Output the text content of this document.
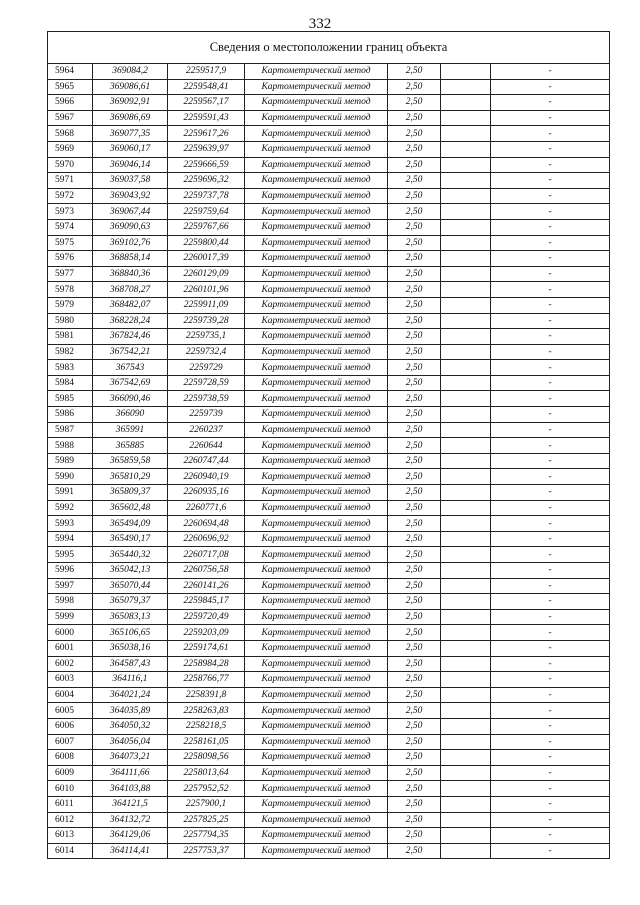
332
Сведения о местоположении границ объекта						
5964	369084,2	2259517,9	Картометрический метод	2,50		-
5965	369086,61	2259548,41	Картометрический метод	2,50		-
5966	369092,91	2259567,17	Картометрический метод	2,50		-
5967	369086,69	2259591,43	Картометрический метод	2,50		-
5968	369077,35	2259617,26	Картометрический метод	2,50		-
5969	369060,17	2259639,97	Картометрический метод	2,50		-
5970	369046,14	2259666,59	Картометрический метод	2,50		-
5971	369037,58	2259696,32	Картометрический метод	2,50		-
5972	369043,92	2259737,78	Картометрический метод	2,50		-
5973	369067,44	2259759,64	Картометрический метод	2,50		-
5974	369090,63	2259767,66	Картометрический метод	2,50		-
5975	369102,76	2259800,44	Картометрический метод	2,50		-
5976	368858,14	2260017,39	Картометрический метод	2,50		-
5977	368840,36	2260129,09	Картометрический метод	2,50		-
5978	368708,27	2260101,96	Картометрический метод	2,50		-
5979	368482,07	2259911,09	Картометрический метод	2,50		-
5980	368228,24	2259739,28	Картометрический метод	2,50		-
5981	367824,46	2259735,1	Картометрический метод	2,50		-
5982	367542,21	2259732,4	Картометрический метод	2,50		-
5983	367543	2259729	Картометрический метод	2,50		-
5984	367542,69	2259728,59	Картометрический метод	2,50		-
5985	366090,46	2259738,59	Картометрический метод	2,50		-
5986	366090	2259739	Картометрический метод	2,50		-
5987	365991	2260237	Картометрический метод	2,50		-
5988	365885	2260644	Картометрический метод	2,50		-
5989	365859,58	2260747,44	Картометрический метод	2,50		-
5990	365810,29	2260940,19	Картометрический метод	2,50		-
5991	365809,37	2260935,16	Картометрический метод	2,50		-
5992	365602,48	2260771,6	Картометрический метод	2,50		-
5993	365494,09	2260694,48	Картометрический метод	2,50		-
5994	365490,17	2260696,92	Картометрический метод	2,50		-
5995	365440,32	2260717,08	Картометрический метод	2,50		-
5996	365042,13	2260756,58	Картометрический метод	2,50		-
5997	365070,44	2260141,26	Картометрический метод	2,50		-
5998	365079,37	2259845,17	Картометрический метод	2,50		-
5999	365083,13	2259720,49	Картометрический метод	2,50		-
6000	365106,65	2259203,09	Картометрический метод	2,50		-
6001	365038,16	2259174,61	Картометрический метод	2,50		-
6002	364587,43	2258984,28	Картометрический метод	2,50		-
6003	364116,1	2258766,77	Картометрический метод	2,50		-
6004	364021,24	2258391,8	Картометрический метод	2,50		-
6005	364035,89	2258263,83	Картометрический метод	2,50		-
6006	364050,32	2258218,5	Картометрический метод	2,50		-
6007	364056,04	2258161,05	Картометрический метод	2,50		-
6008	364073,21	2258098,56	Картометрический метод	2,50		-
6009	364111,66	2258013,64	Картометрический метод	2,50		-
6010	364103,88	2257952,52	Картометрический метод	2,50		-
6011	364121,5	2257900,1	Картометрический метод	2,50		-
6012	364132,72	2257825,25	Картометрический метод	2,50		-
6013	364129,06	2257794,35	Картометрический метод	2,50		-
6014	364114,41	2257753,37	Картометрический метод	2,50		-
